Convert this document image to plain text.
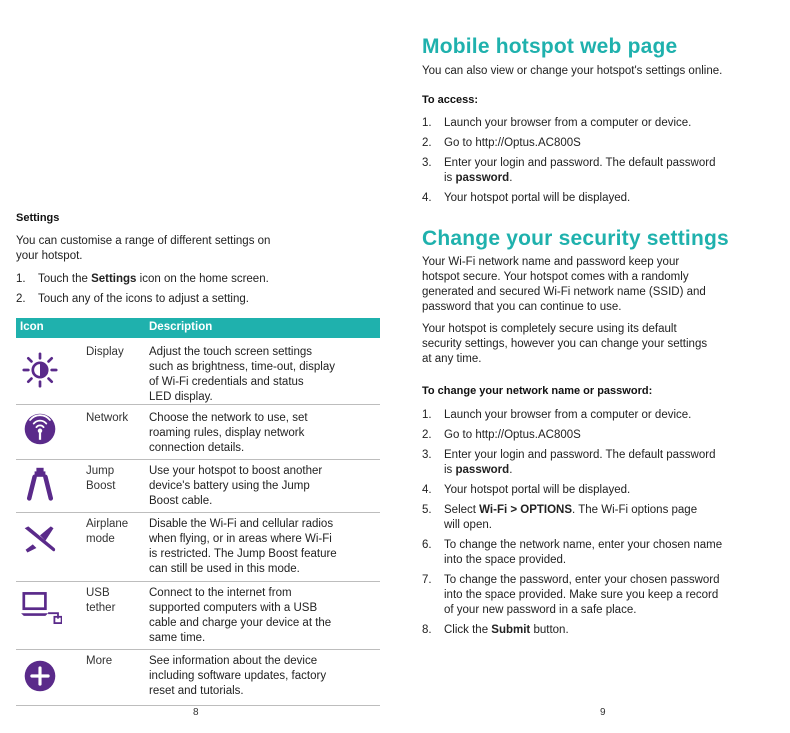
Settings
You can customise a range of different settings on
your hotspot.
1. Touch the Settings icon on the home screen.
2. Touch any of the icons to adjust a setting.
Icon	Description
Display Adjust the touch screen settings
such as brightness, time-out, display
of Wi-Fi credentials and status
LED display.
Network Choose the network to use, set
roaming rules, display network
connection details.
Jump
Boost
Use your hotspot to boost another
device's battery using the Jump
Boost cable.
Airplane
mode
Disable the Wi-Fi and cellular radios
when flying, or in areas where Wi-Fi
is restricted. The Jump Boost feature
can still be used in this mode.
USB
tether
Connect to the internet from
supported computers with a USB
cable and charge your device at the
same time.
More	See information about the device
including software updates, factory
reset and tutorials.
8
Mobile hotspot web page
You can also view or change your hotspot's settings online.
To access:
1. Launch your browser from a computer or device.
2. Go to http://Optus.AC800S
3. Enter your login and password. The default password
is password.
4. Your hotspot portal will be displayed.
Change your security settings
Your Wi-Fi network name and password keep your
hotspot secure. Your hotspot comes with a randomly
generated and secured Wi-Fi network name (SSID) and
password that you can continue to use.
Your hotspot is completely secure using its default
security settings, however you can change your settings
at any time.
To change your network name or password:
1. Launch your browser from a computer or device.
2. Go to http://Optus.AC800S
3. Enter your login and password. The default password
is password.
4. Your hotspot portal will be displayed.
5. Select Wi-Fi > OPTIONS. The Wi-Fi options page
will open.
6. To change the network name, enter your chosen name
into the space provided.
7. To change the password, enter your chosen password
into the space provided. Make sure you keep a record
of your new password in a safe place.
8. Click the Submit button.
9
